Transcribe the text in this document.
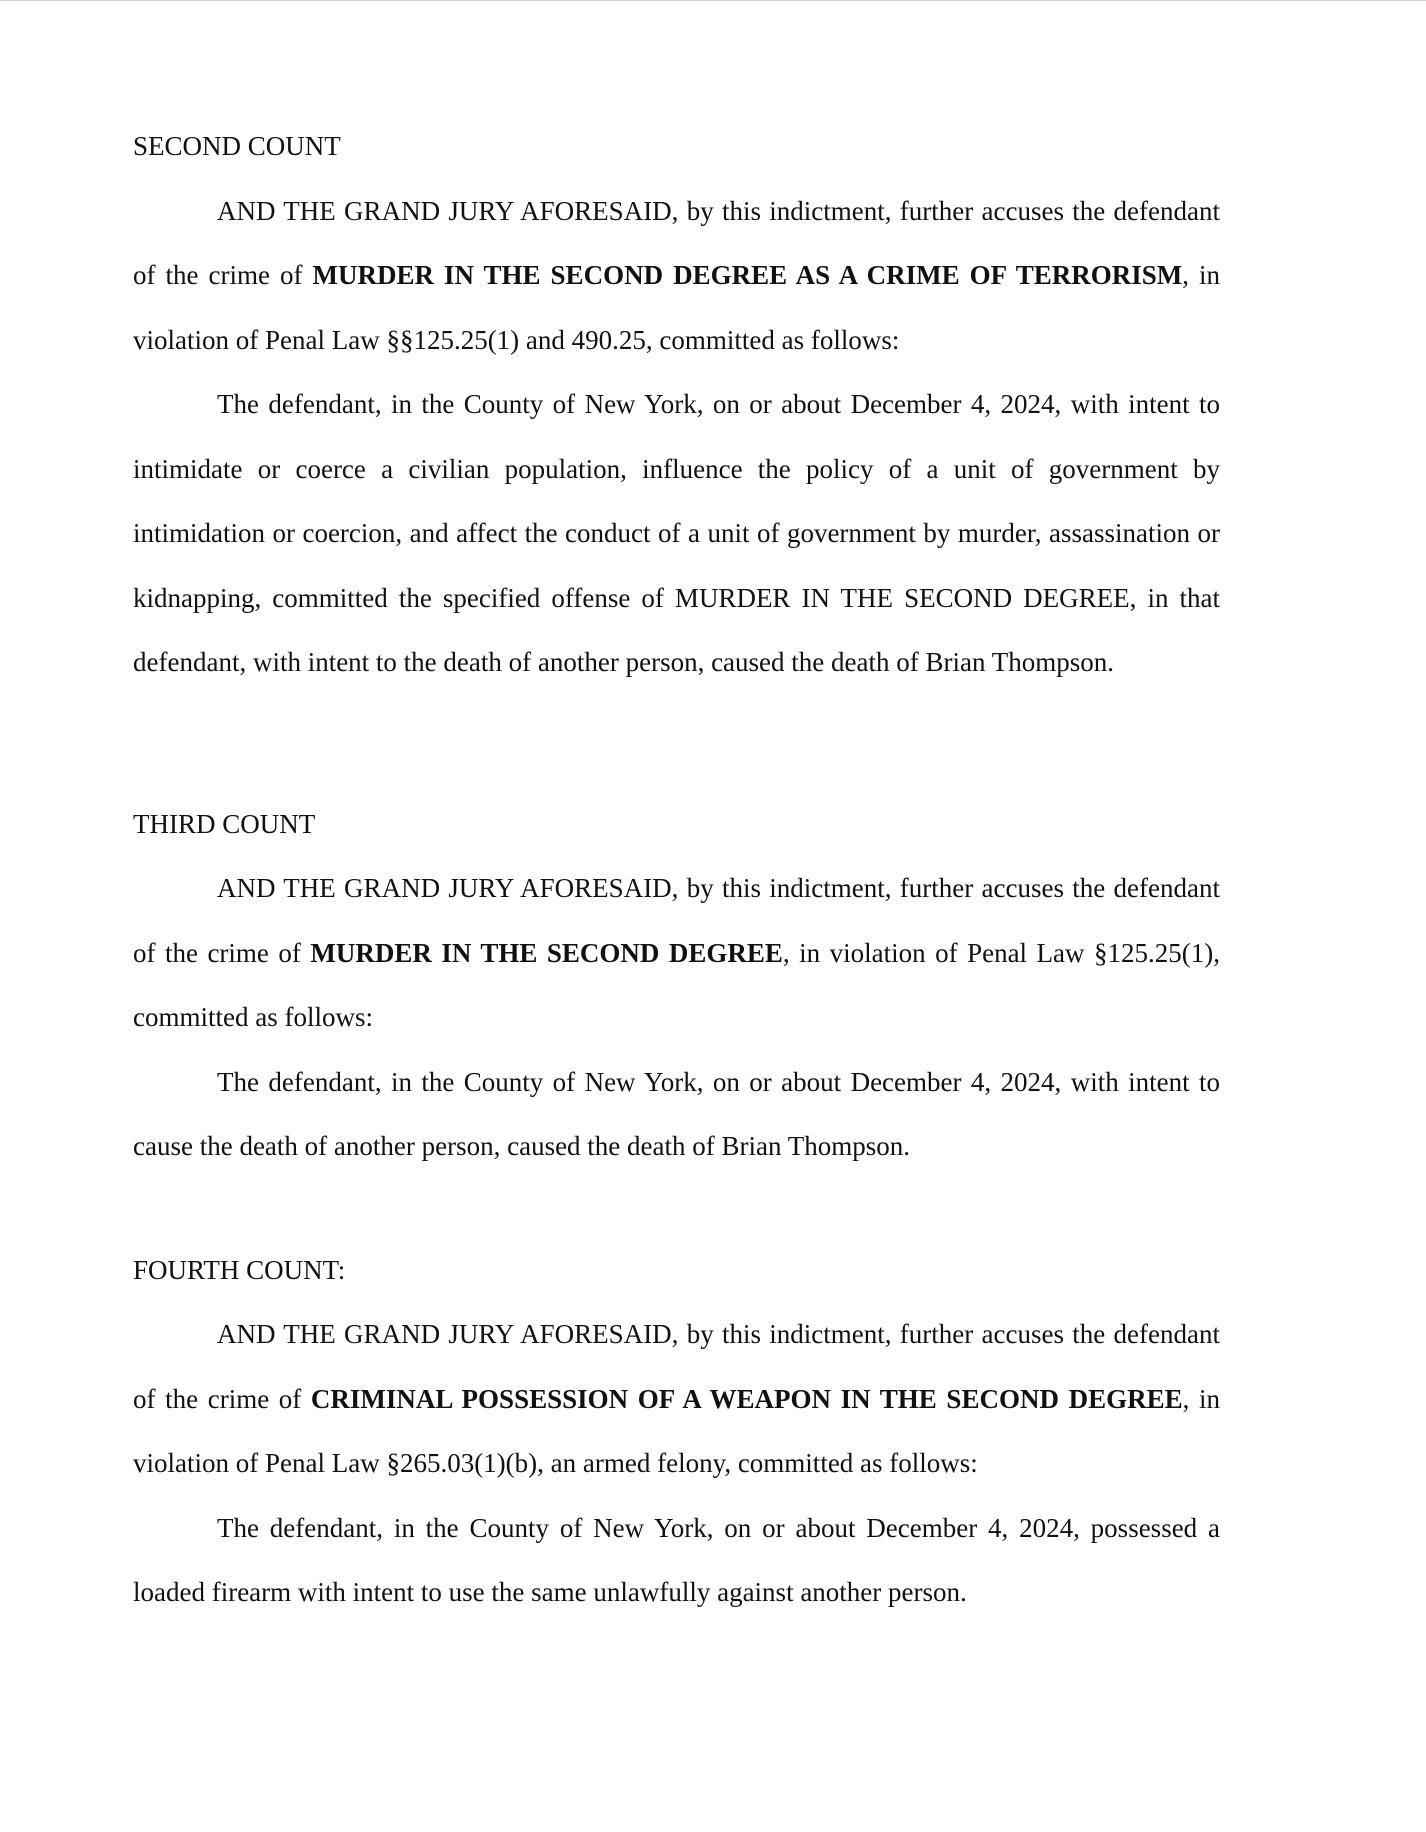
SECOND COUNT

AND THE GRAND JURY AFORESAID, by this indictment, further accuses the defendant of the crime of MURDER IN THE SECOND DEGREE AS A CRIME OF TERRORISM, in violation of Penal Law §§125.25(1) and 490.25, committed as follows:

The defendant, in the County of New York, on or about December 4, 2024, with intent to intimidate or coerce a civilian population, influence the policy of a unit of government by intimidation or coercion, and affect the conduct of a unit of government by murder, assassination or kidnapping, committed the specified offense of MURDER IN THE SECOND DEGREE, in that defendant, with intent to the death of another person, caused the death of Brian Thompson.

THIRD COUNT

AND THE GRAND JURY AFORESAID, by this indictment, further accuses the defendant of the crime of MURDER IN THE SECOND DEGREE, in violation of Penal Law §125.25(1), committed as follows:

The defendant, in the County of New York, on or about December 4, 2024, with intent to cause the death of another person, caused the death of Brian Thompson.

FOURTH COUNT:

AND THE GRAND JURY AFORESAID, by this indictment, further accuses the defendant of the crime of CRIMINAL POSSESSION OF A WEAPON IN THE SECOND DEGREE, in violation of Penal Law §265.03(1)(b), an armed felony, committed as follows:

The defendant, in the County of New York, on or about December 4, 2024, possessed a loaded firearm with intent to use the same unlawfully against another person.
